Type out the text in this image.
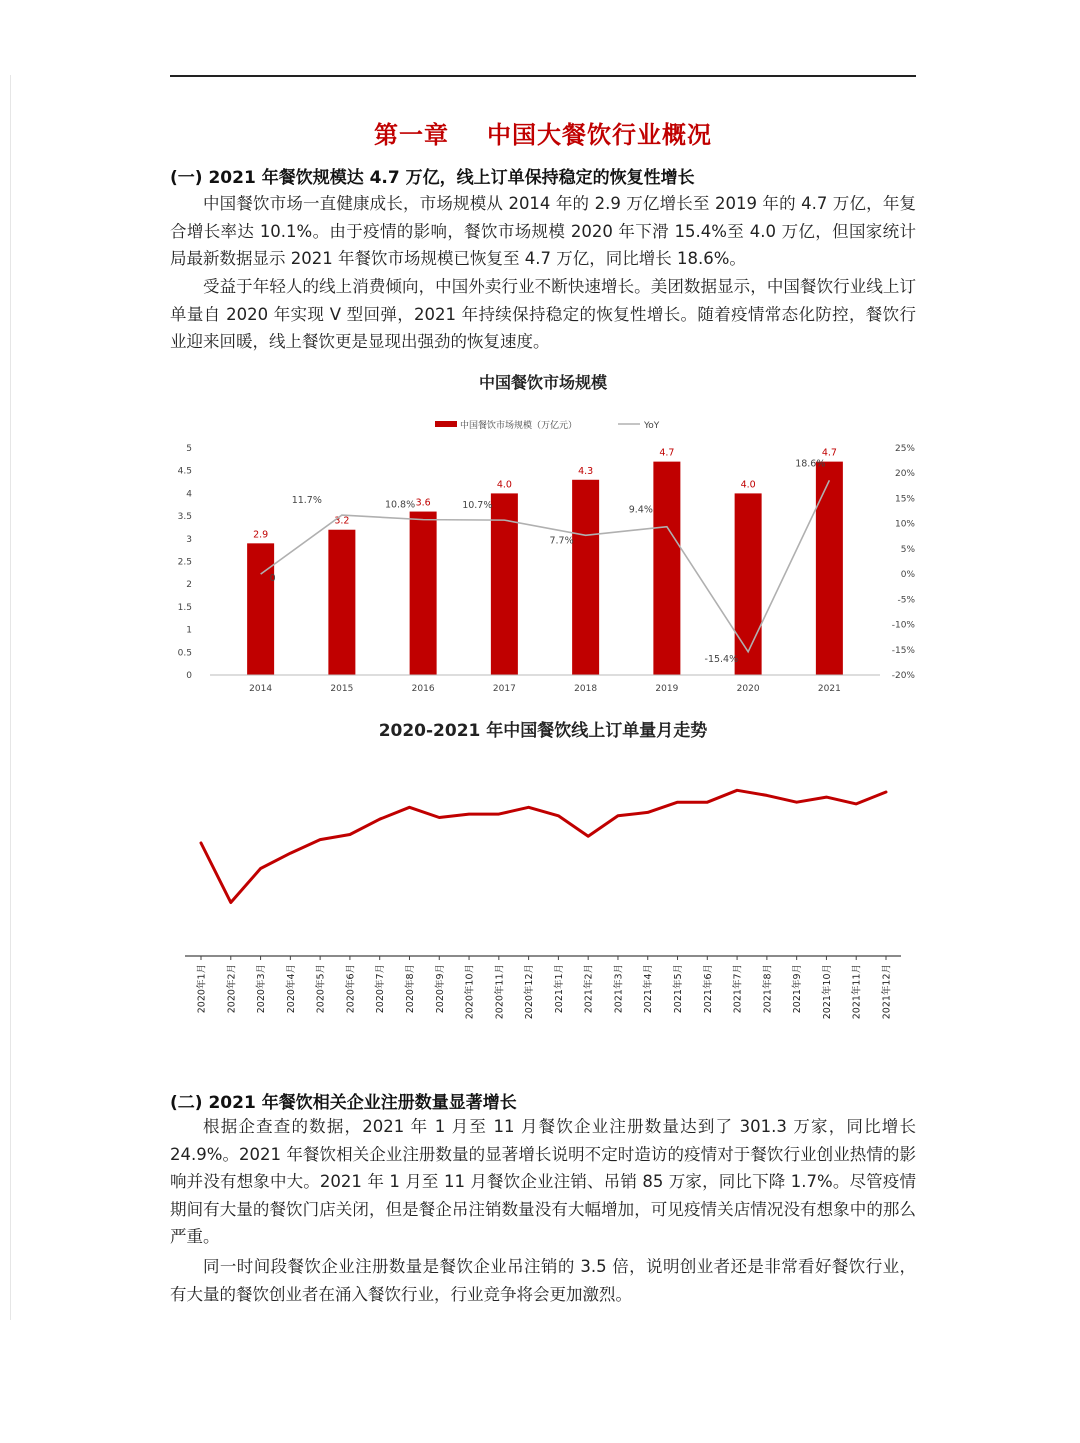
第一章 中国大餐饮行业概况
(一) 2021 年餐饮规模达 4.7 万亿，线上订单保持稳定的恢复性增长

中国餐饮市场一直健康成长，市场规模从 2014 年的 2.9 万亿增长至 2019 年的 4.7 万亿，年复合增长率达 10.1%。由于疫情的影响，餐饮市场规模 2020 年下滑 15.4%至 4.0 万亿，但国家统计局最新数据显示 2021 年餐饮市场规模已恢复至 4.7 万亿，同比增长 18.6%。

受益于年轻人的线上消费倾向，中国外卖行业不断快速增长。美团数据显示，中国餐饮行业线上订单量自 2020 年实现 V 型回弹，2021 年持续保持稳定的恢复性增长。随着疫情常态化防控，餐饮行业迎来回暖，线上餐饮更是显现出强劲的恢复速度。

中国餐饮市场规模
中国餐饮市场规模（万亿元）	YoY
0
0.5
1
1.5
2
2.5
3
3.5
4
4.5
5
-20%
-15%
-10%
-5%
0%
5%
10%
15%
20%
25%
2014	2015	2016	2017	2018	2019	2020	2021
2.9
3.2
3.6
4.0
4.3
4.7
4.0
4.7
0
11.7%	10.8%	10.7%
7.7%
9.4%
-15.4%
18.6%
2020-2021 年中国餐饮线上订单量月走势
2020年1月 2020年2月 2020年3月 2020年4月 2020年5月 2020年6月 2020年7月 2020年8月 2020年9月 2020年10月 2020年11月 2020年12月 2021年1月 2021年2月 2021年3月 2021年4月 2021年5月 2021年6月 2021年7月 2021年8月 2021年9月 2021年10月 2021年11月 2021年12月
(二) 2021 年餐饮相关企业注册数量显著增长

根据企查查的数据，2021 年 1 月至 11 月餐饮企业注册数量达到了 301.3 万家，同比增长 24.9%。2021 年餐饮相关企业注册数量的显著增长说明不定时造访的疫情对于餐饮行业创业热情的影响并没有想象中大。2021 年 1 月至 11 月餐饮企业注销、吊销 85 万家，同比下降 1.7%。尽管疫情期间有大量的餐饮门店关闭，但是餐企吊注销数量没有大幅增加，可见疫情关店情况没有想象中的那么严重。

同一时间段餐饮企业注册数量是餐饮企业吊注销的 3.5 倍，说明创业者还是非常看好餐饮行业，有大量的餐饮创业者在涌入餐饮行业，行业竞争将会更加激烈。
